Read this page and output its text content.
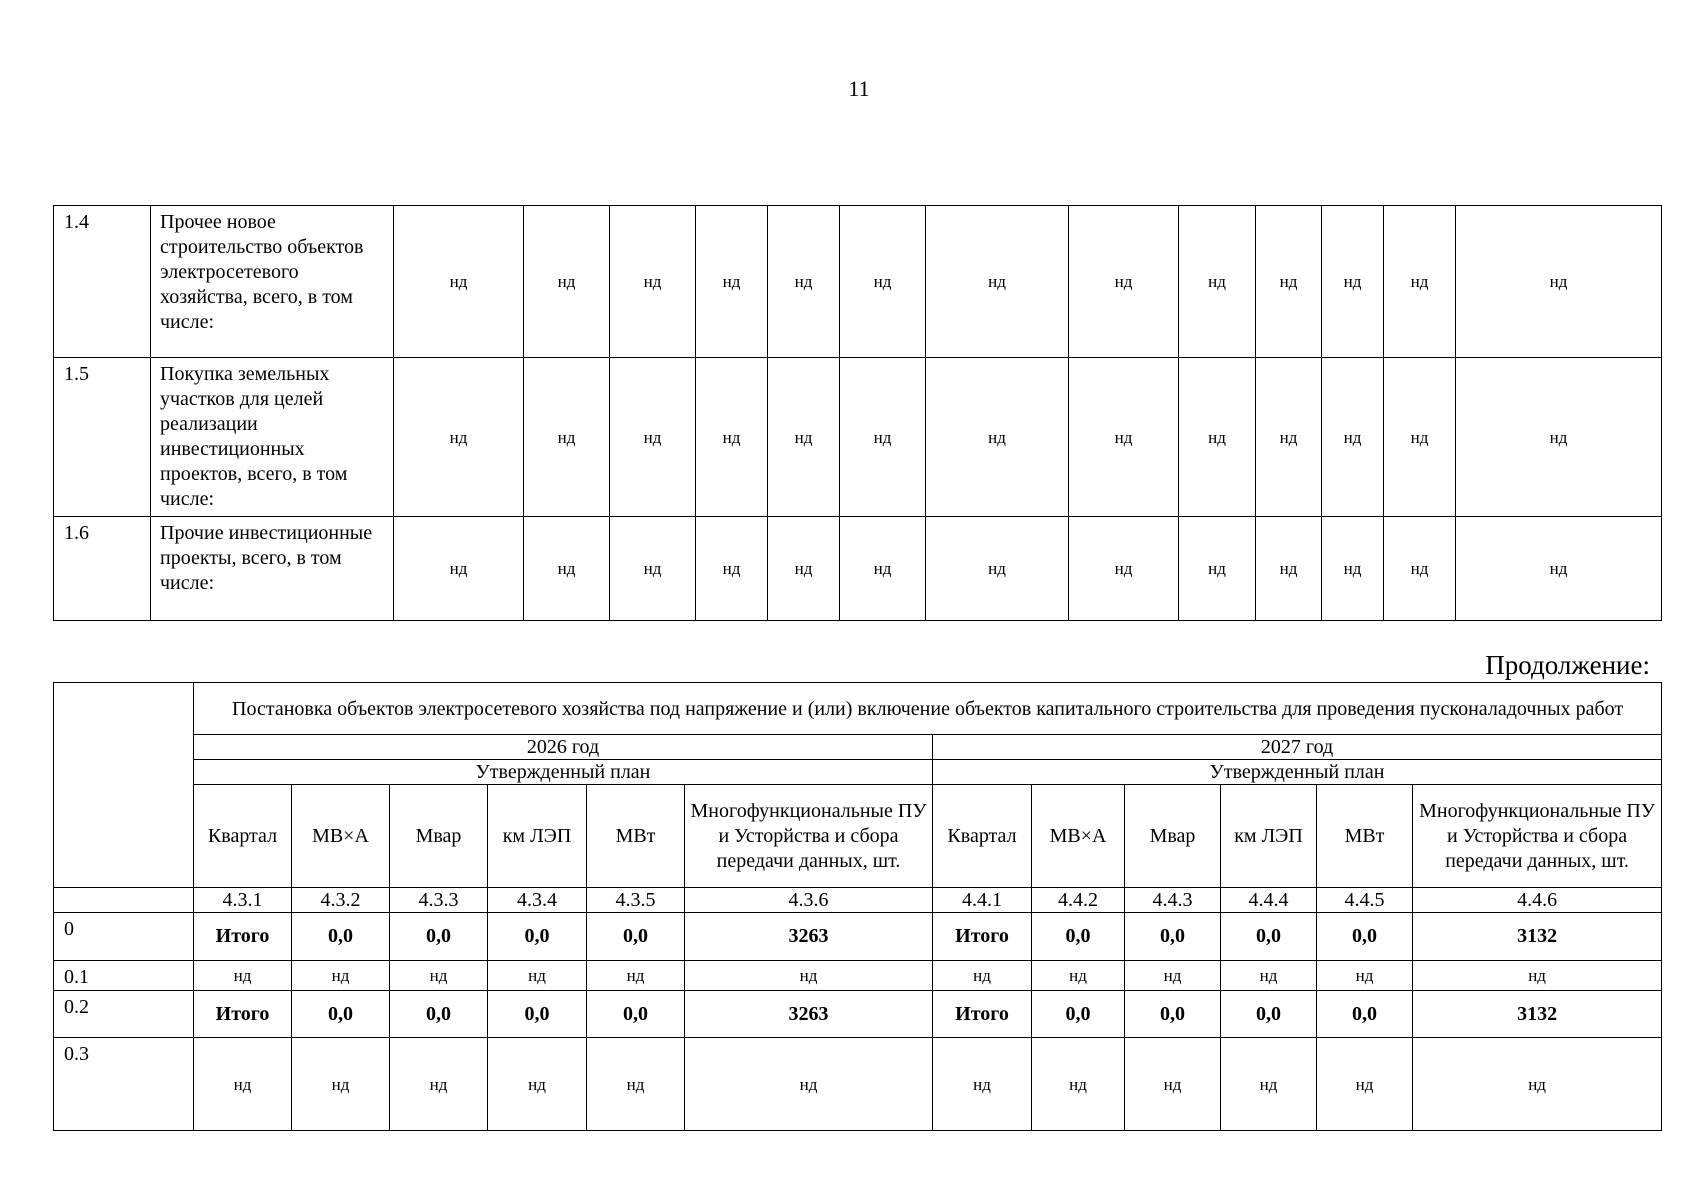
11
1.4	Прочее новое строительство объектов электросетевого хозяйства, всего, в том числе:	нд	нд	нд	нд	нд	нд	нд	нд	нд	нд	нд	нд	нд
1.5	Покупка земельных участков для целей реализации инвестиционных проектов, всего, в том числе:	нд	нд	нд	нд	нд	нд	нд	нд	нд	нд	нд	нд	нд
1.6	Прочие инвестиционные проекты, всего, в том числе:	нд	нд	нд	нд	нд	нд	нд	нд	нд	нд	нд	нд	нд
Продолжение:
	Постановка объектов электросетевого хозяйства под напряжение и (или) включение объектов капитального строительства для проведения пусконаладочных работ											
	2026 год						2027 год					
	Утвержденный план						Утвержденный план					
	Квартал	МВ×А	Мвар	км ЛЭП	МВт	Многофункциональные ПУ и Усторйства и сбора передачи данных, шт.	Квартал	МВ×А	Мвар	км ЛЭП	МВт	Многофункциональные ПУ и Усторйства и сбора передачи данных, шт.
	4.3.1	4.3.2	4.3.3	4.3.4	4.3.5	4.3.6	4.4.1	4.4.2	4.4.3	4.4.4	4.4.5	4.4.6
0	Итого	0,0	0,0	0,0	0,0	3263	Итого	0,0	0,0	0,0	0,0	3132
0.1	нд	нд	нд	нд	нд	нд	нд	нд	нд	нд	нд	нд
0.2	Итого	0,0	0,0	0,0	0,0	3263	Итого	0,0	0,0	0,0	0,0	3132
0.3	нд	нд	нд	нд	нд	нд	нд	нд	нд	нд	нд	нд
